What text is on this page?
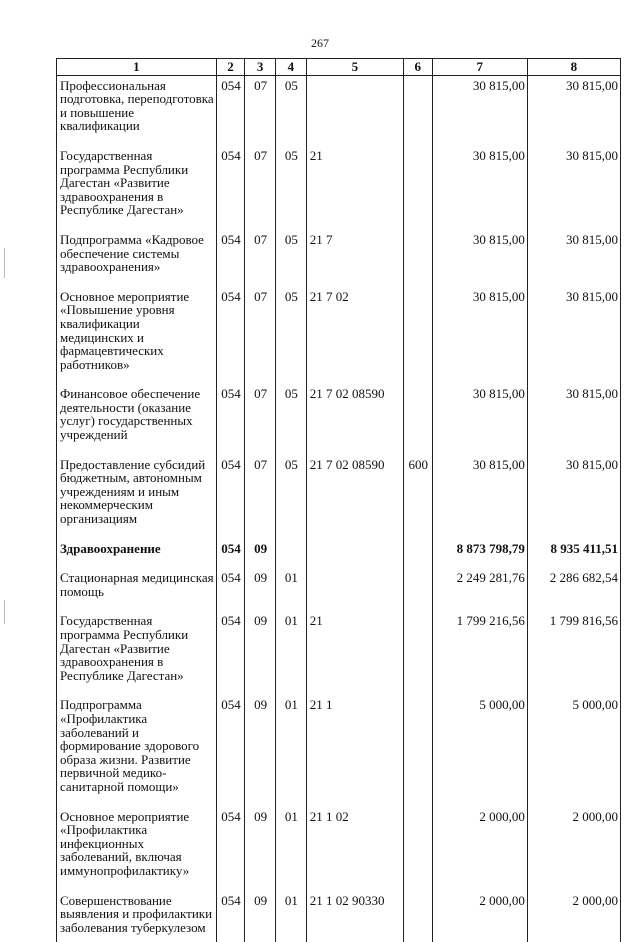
267
1	2	3	4	5	6	7	8
Профессиональная подготовка, переподготовка и повышение квалификации	054	07	05			30 815,00	30 815,00
Государственная программа Республики Дагестан «Развитие здравоохранения в Республике Дагестан»	054	07	05	21		30 815,00	30 815,00
Подпрограмма «Кадровое обеспечение системы здравоохранения»	054	07	05	21 7		30 815,00	30 815,00
Основное мероприятие «Повышение уровня квалификации медицинских и фармацевтических работников»	054	07	05	21 7 02		30 815,00	30 815,00
Финансовое обеспечение деятельности (оказание услуг) государственных учреждений	054	07	05	21 7 02 08590		30 815,00	30 815,00
Предоставление субсидий бюджетным, автономным учреждениям и иным некоммерческим организациям	054	07	05	21 7 02 08590	600	30 815,00	30 815,00
Здравоохранение	054	09				8 873 798,79	8 935 411,51
Стационарная медицинская помощь	054	09	01			2 249 281,76	2 286 682,54
Государственная программа Республики Дагестан «Развитие здравоохранения в Республике Дагестан»	054	09	01	21		1 799 216,56	1 799 816,56
Подпрограмма «Профилактика заболеваний и формирование здорового образа жизни. Развитие первичной медико-санитарной помощи»	054	09	01	21 1		5 000,00	5 000,00
Основное мероприятие «Профилактика инфекционных заболеваний, включая иммунопрофилактику»	054	09	01	21 1 02		2 000,00	2 000,00
Совершенствование выявления и профилактики заболевания туберкулезом	054	09	01	21 1 02 90330		2 000,00	2 000,00
